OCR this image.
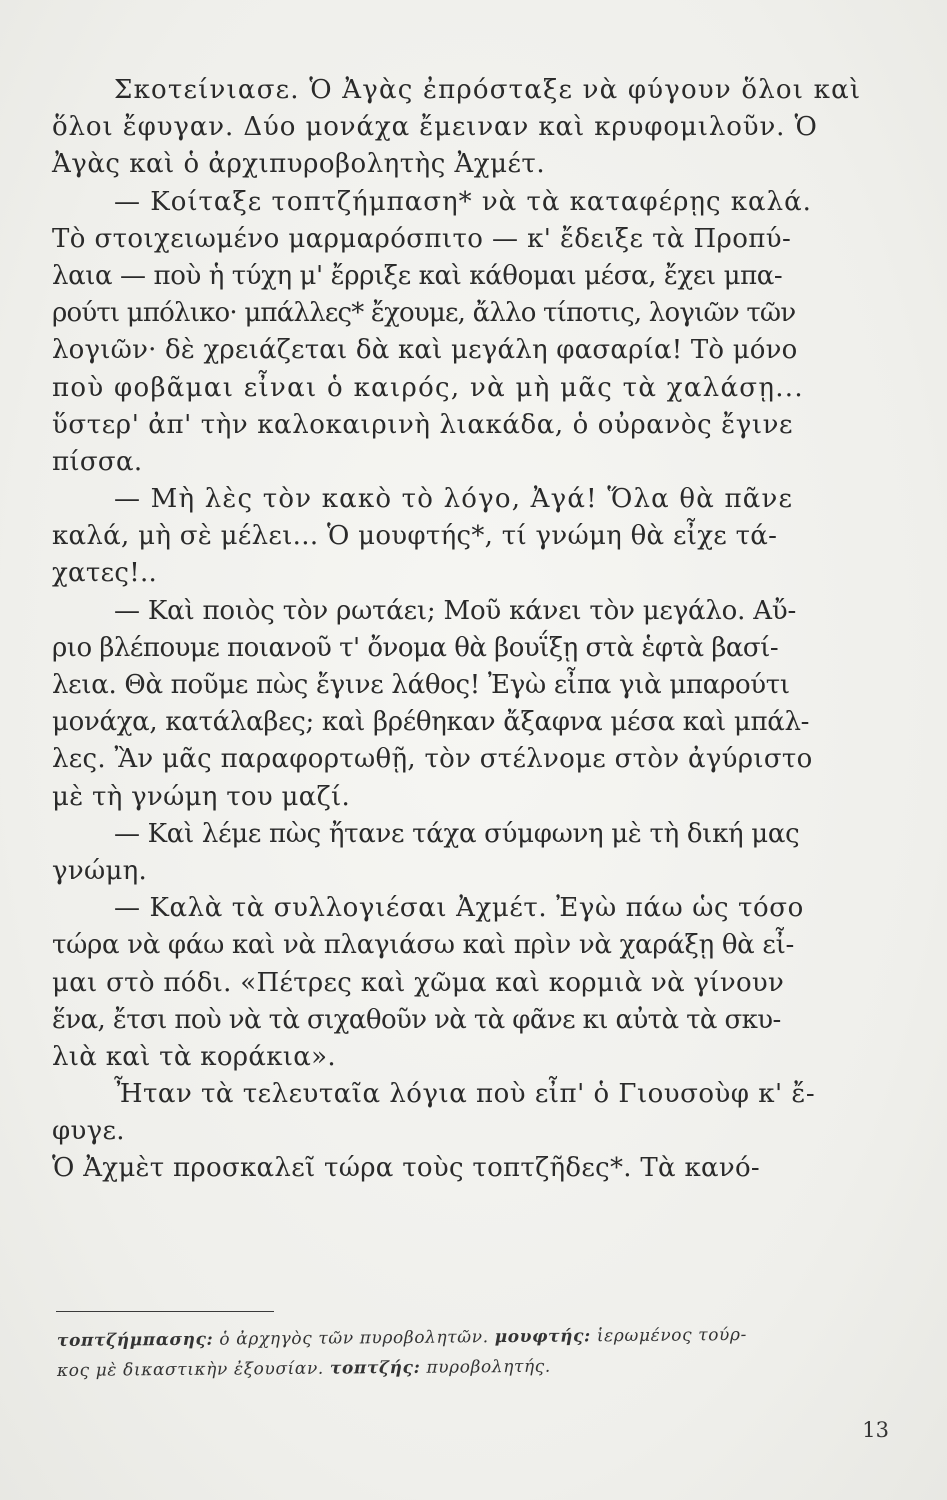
Σκοτείνιασε. Ὁ Ἀγὰς ἐπρόσταξε νὰ φύγουν ὅλοι καὶ
ὅλοι ἔφυγαν. Δύο μονάχα ἔμειναν καὶ κρυφομιλοῦν. Ὁ
Ἀγὰς καὶ ὁ ἀρχιπυροβολητὴς Ἀχμέτ.
— Κοίταξε τοπτζήμπαση* νὰ τὰ καταφέρῃς καλά.
Τὸ στοιχειωμένο μαρμαρόσπιτο — κ' ἔδειξε τὰ Προπύ-
λαια — ποὺ ἡ τύχη μ' ἔρριξε καὶ κάθομαι μέσα, ἔχει μπα-
ρούτι μπόλικο· μπάλλες* ἔχουμε, ἄλλο τίποτις, λογιῶν τῶν
λογιῶν· δὲ χρειάζεται δὰ καὶ μεγάλη φασαρία! Τὸ μόνο
ποὺ φοβᾶμαι εἶναι ὁ καιρός, νὰ μὴ μᾶς τὰ χαλάσῃ...
ὕστερ' ἀπ' τὴν καλοκαιρινὴ λιακάδα, ὁ οὐρανὸς ἔγινε
πίσσα.
— Μὴ λὲς τὸν κακὸ τὸ λόγο, Ἀγά! Ὅλα θὰ πᾶνε
καλά, μὴ σὲ μέλει... Ὁ μουφτής*, τί γνώμη θὰ εἶχε τά-
χατες!..
— Καὶ ποιὸς τὸν ρωτάει; Μοῦ κάνει τὸν μεγάλο. Αὔ-
ριο βλέπουμε ποιανοῦ τ' ὄνομα θὰ βουΐξῃ στὰ ἑφτὰ βασί-
λεια. Θὰ ποῦμε πὼς ἔγινε λάθος! Ἐγὼ εἶπα γιὰ μπαρούτι
μονάχα, κατάλαβες; καὶ βρέθηκαν ἄξαφνα μέσα καὶ μπάλ-
λες. Ἂν μᾶς παραφορτωθῇ, τὸν στέλνομε στὸν ἀγύριστο
μὲ τὴ γνώμη του μαζί.
— Καὶ λέμε πὼς ἤτανε τάχα σύμφωνη μὲ τὴ δική μας
γνώμη.
— Καλὰ τὰ συλλογιέσαι Ἀχμέτ. Ἐγὼ πάω ὡς τόσο
τώρα νὰ φάω καὶ νὰ πλαγιάσω καὶ πρὶν νὰ χαράξῃ θὰ εἶ-
μαι στὸ πόδι. «Πέτρες καὶ χῶμα καὶ κορμιὰ νὰ γίνουν
ἕνα, ἔτσι ποὺ νὰ τὰ σιχαθοῦν νὰ τὰ φᾶνε κι αὐτὰ τὰ σκυ-
λιὰ καὶ τὰ κοράκια».
Ἦταν τὰ τελευταῖα λόγια ποὺ εἶπ' ὁ Γιουσοὺφ κ' ἔ-
φυγε.
Ὁ Ἀχμὲτ προσκαλεῖ τώρα τοὺς τοπτζῆδες*. Τὰ κανό-
τοπτζήμπασης: ὁ ἀρχηγὸς τῶν πυροβολητῶν. μουφτής: ἱερωμένος τούρ-
κος μὲ δικαστικὴν ἐξουσίαν. τοπτζής: πυροβολητής.
13
